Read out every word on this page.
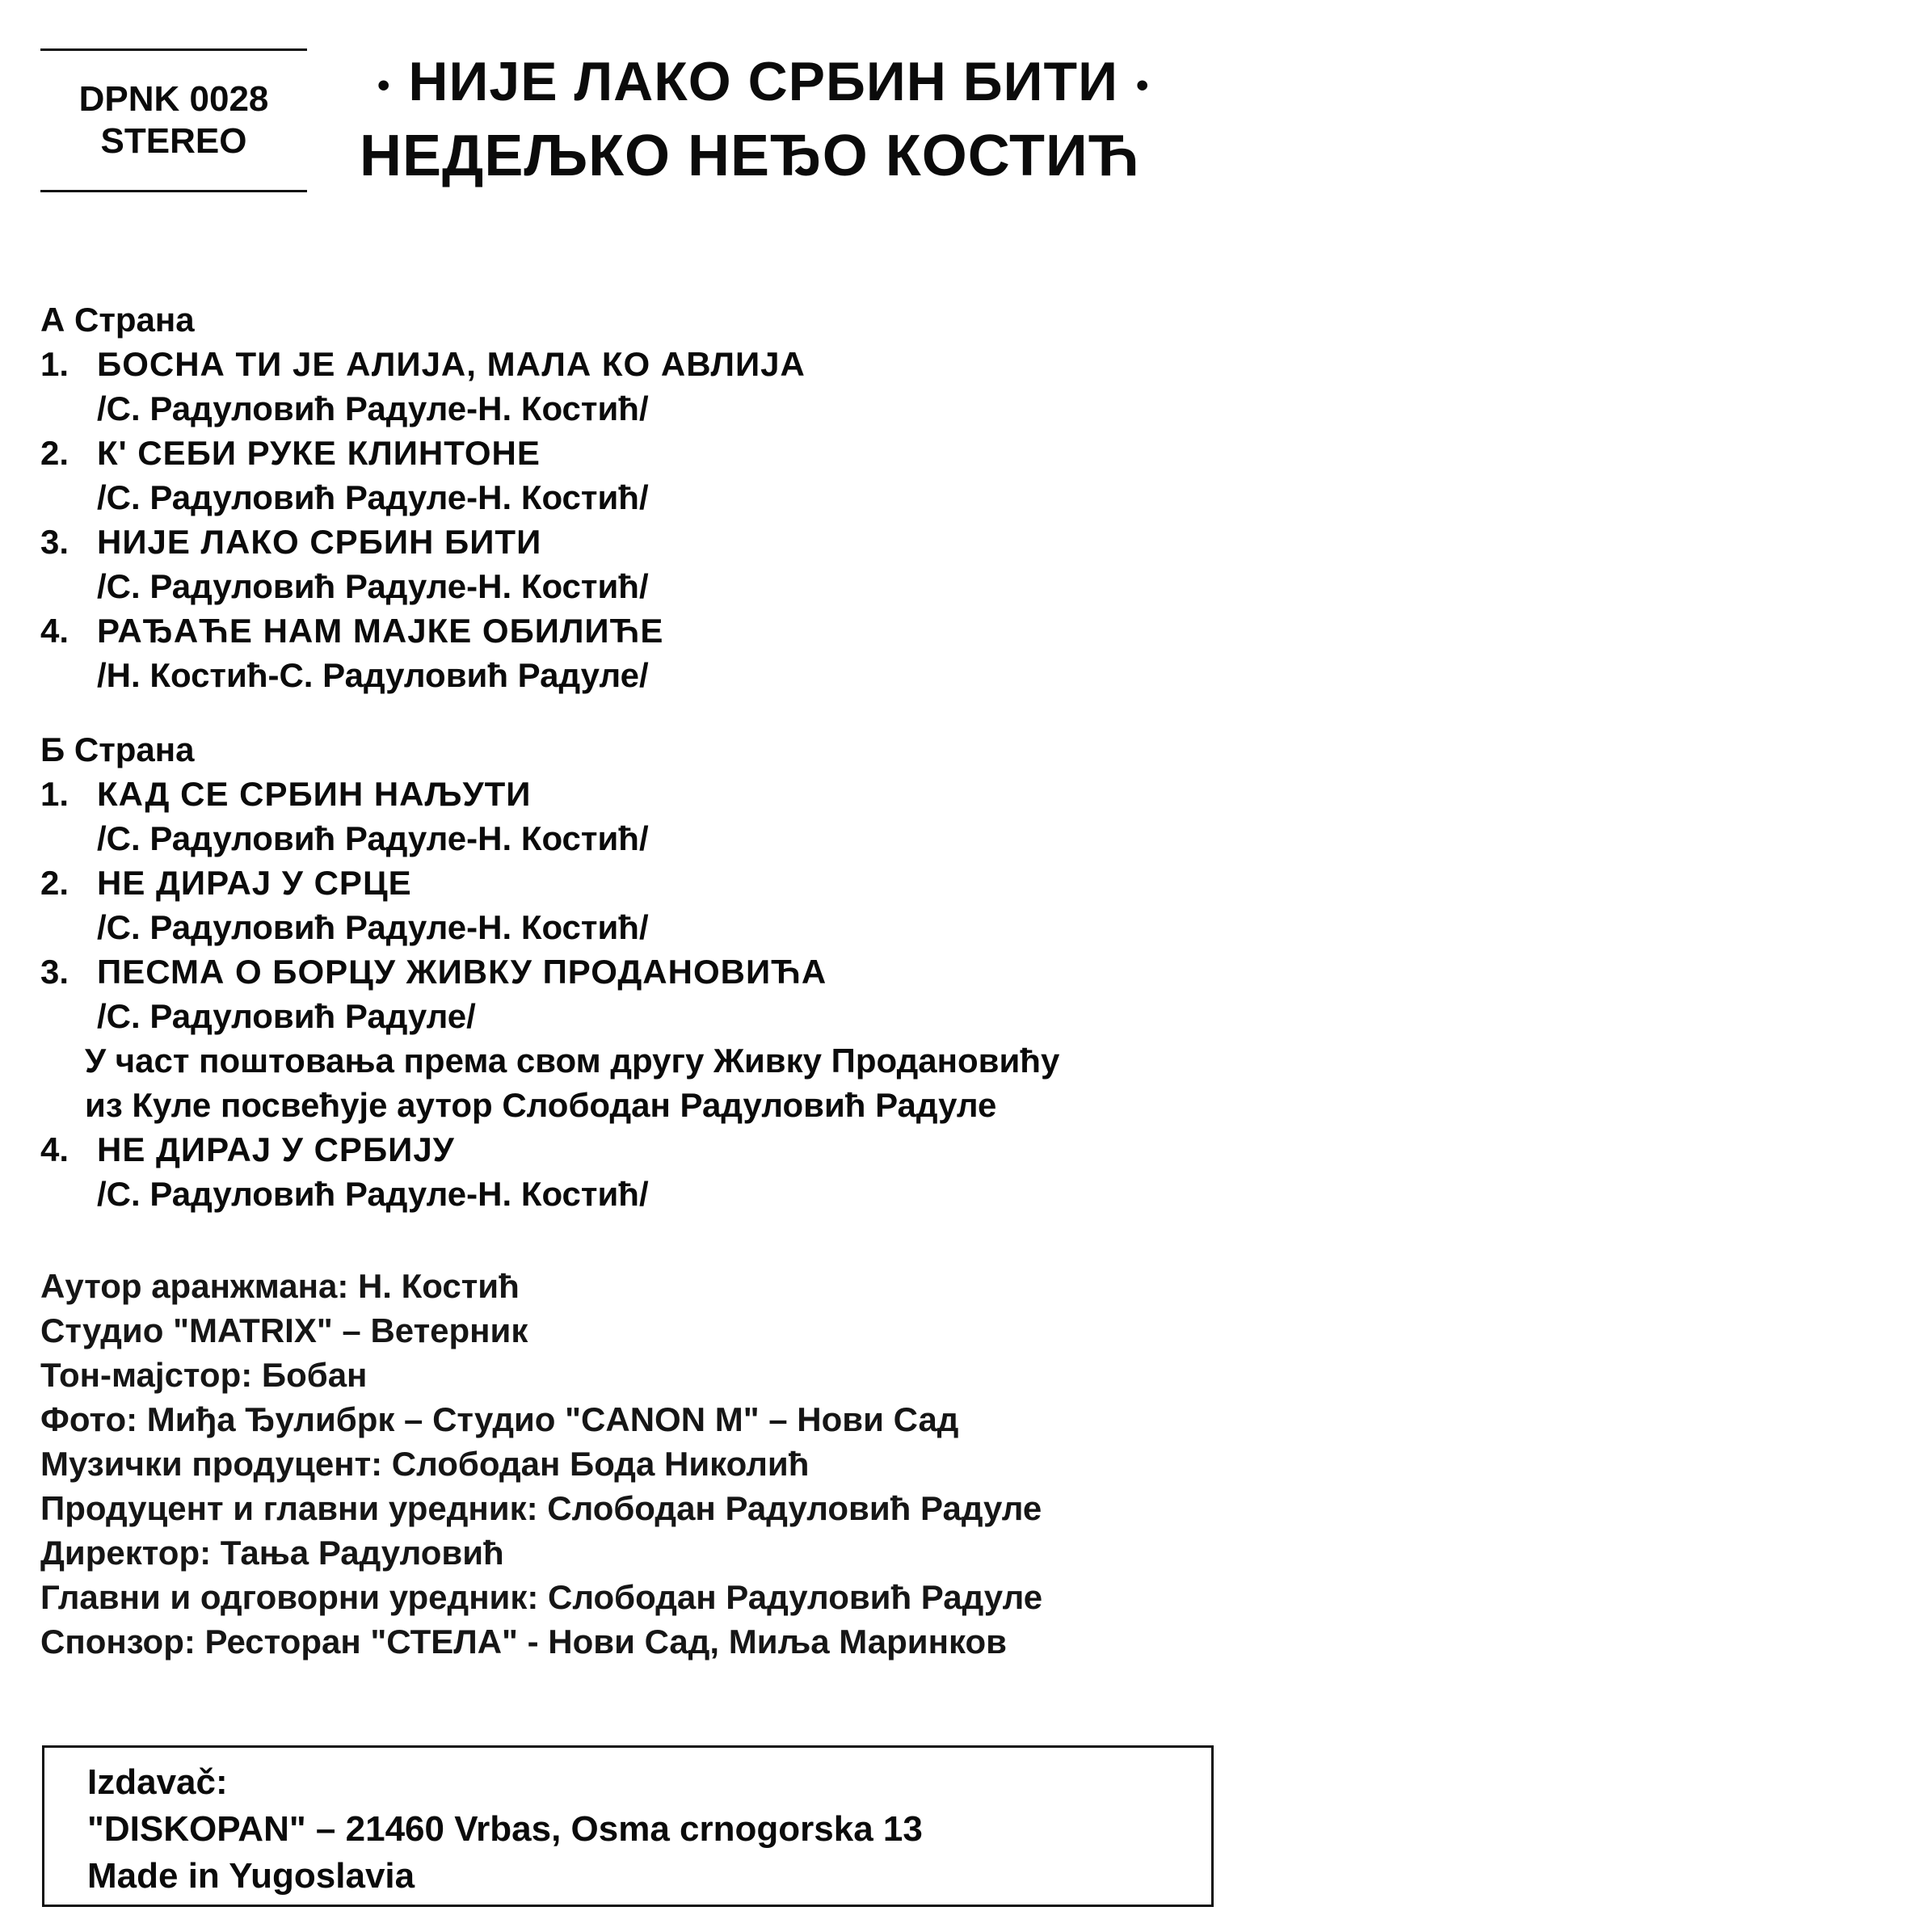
DPNK 0028
STEREO
• НИЈЕ ЛАКО СРБИН БИТИ •
НЕДЕЉКО НЕЂО КОСТИЋ
А Страна
1. БОСНА ТИ ЈЕ АЛИЈА, МАЛА КО АВЛИЈА
/С. Радуловић Радуле-Н. Костић/
2. К' СЕБИ РУКЕ КЛИНТОНЕ
/С. Радуловић Радуле-Н. Костић/
3. НИЈЕ ЛАКО СРБИН БИТИ
/С. Радуловић Радуле-Н. Костић/
4. РАЂАЋЕ НАМ МАЈКЕ ОБИЛИЋЕ
/Н. Костић-С. Радуловић Радуле/
Б Страна
1. КАД СЕ СРБИН НАЉУТИ
/С. Радуловић Радуле-Н. Костић/
2. НЕ ДИРАЈ У СРЦЕ
/С. Радуловић Радуле-Н. Костић/
3. ПЕСМА О БОРЦУ ЖИВКУ ПРОДАНОВИЋА
/С. Радуловић Радуле/
У част поштовања према свом другу Живку Продановићу
из Куле посвећује аутор Слободан Радуловић Радуле
4. НЕ ДИРАЈ У СРБИЈУ
/С. Радуловић Радуле-Н. Костић/
Аутор аранжмана: Н. Костић
Студио "MATRIX" – Ветерник
Тон-мајстор: Бобан
Фото: Миђа Ђулибрк – Студио "CANON M" – Нови Сад
Музички продуцент: Слободан Бода Николић
Продуцент и главни уредник: Слободан Радуловић Радуле
Директор: Тања Радуловић
Главни и одговорни уредник: Слободан Радуловић Радуле
Спонзор: Ресторан "СТЕЛА" - Нови Сад, Миља Маринков
Izdavač:
"DISKOPAN" – 21460 Vrbas, Osma crnogorska 13
Made in Yugoslavia
